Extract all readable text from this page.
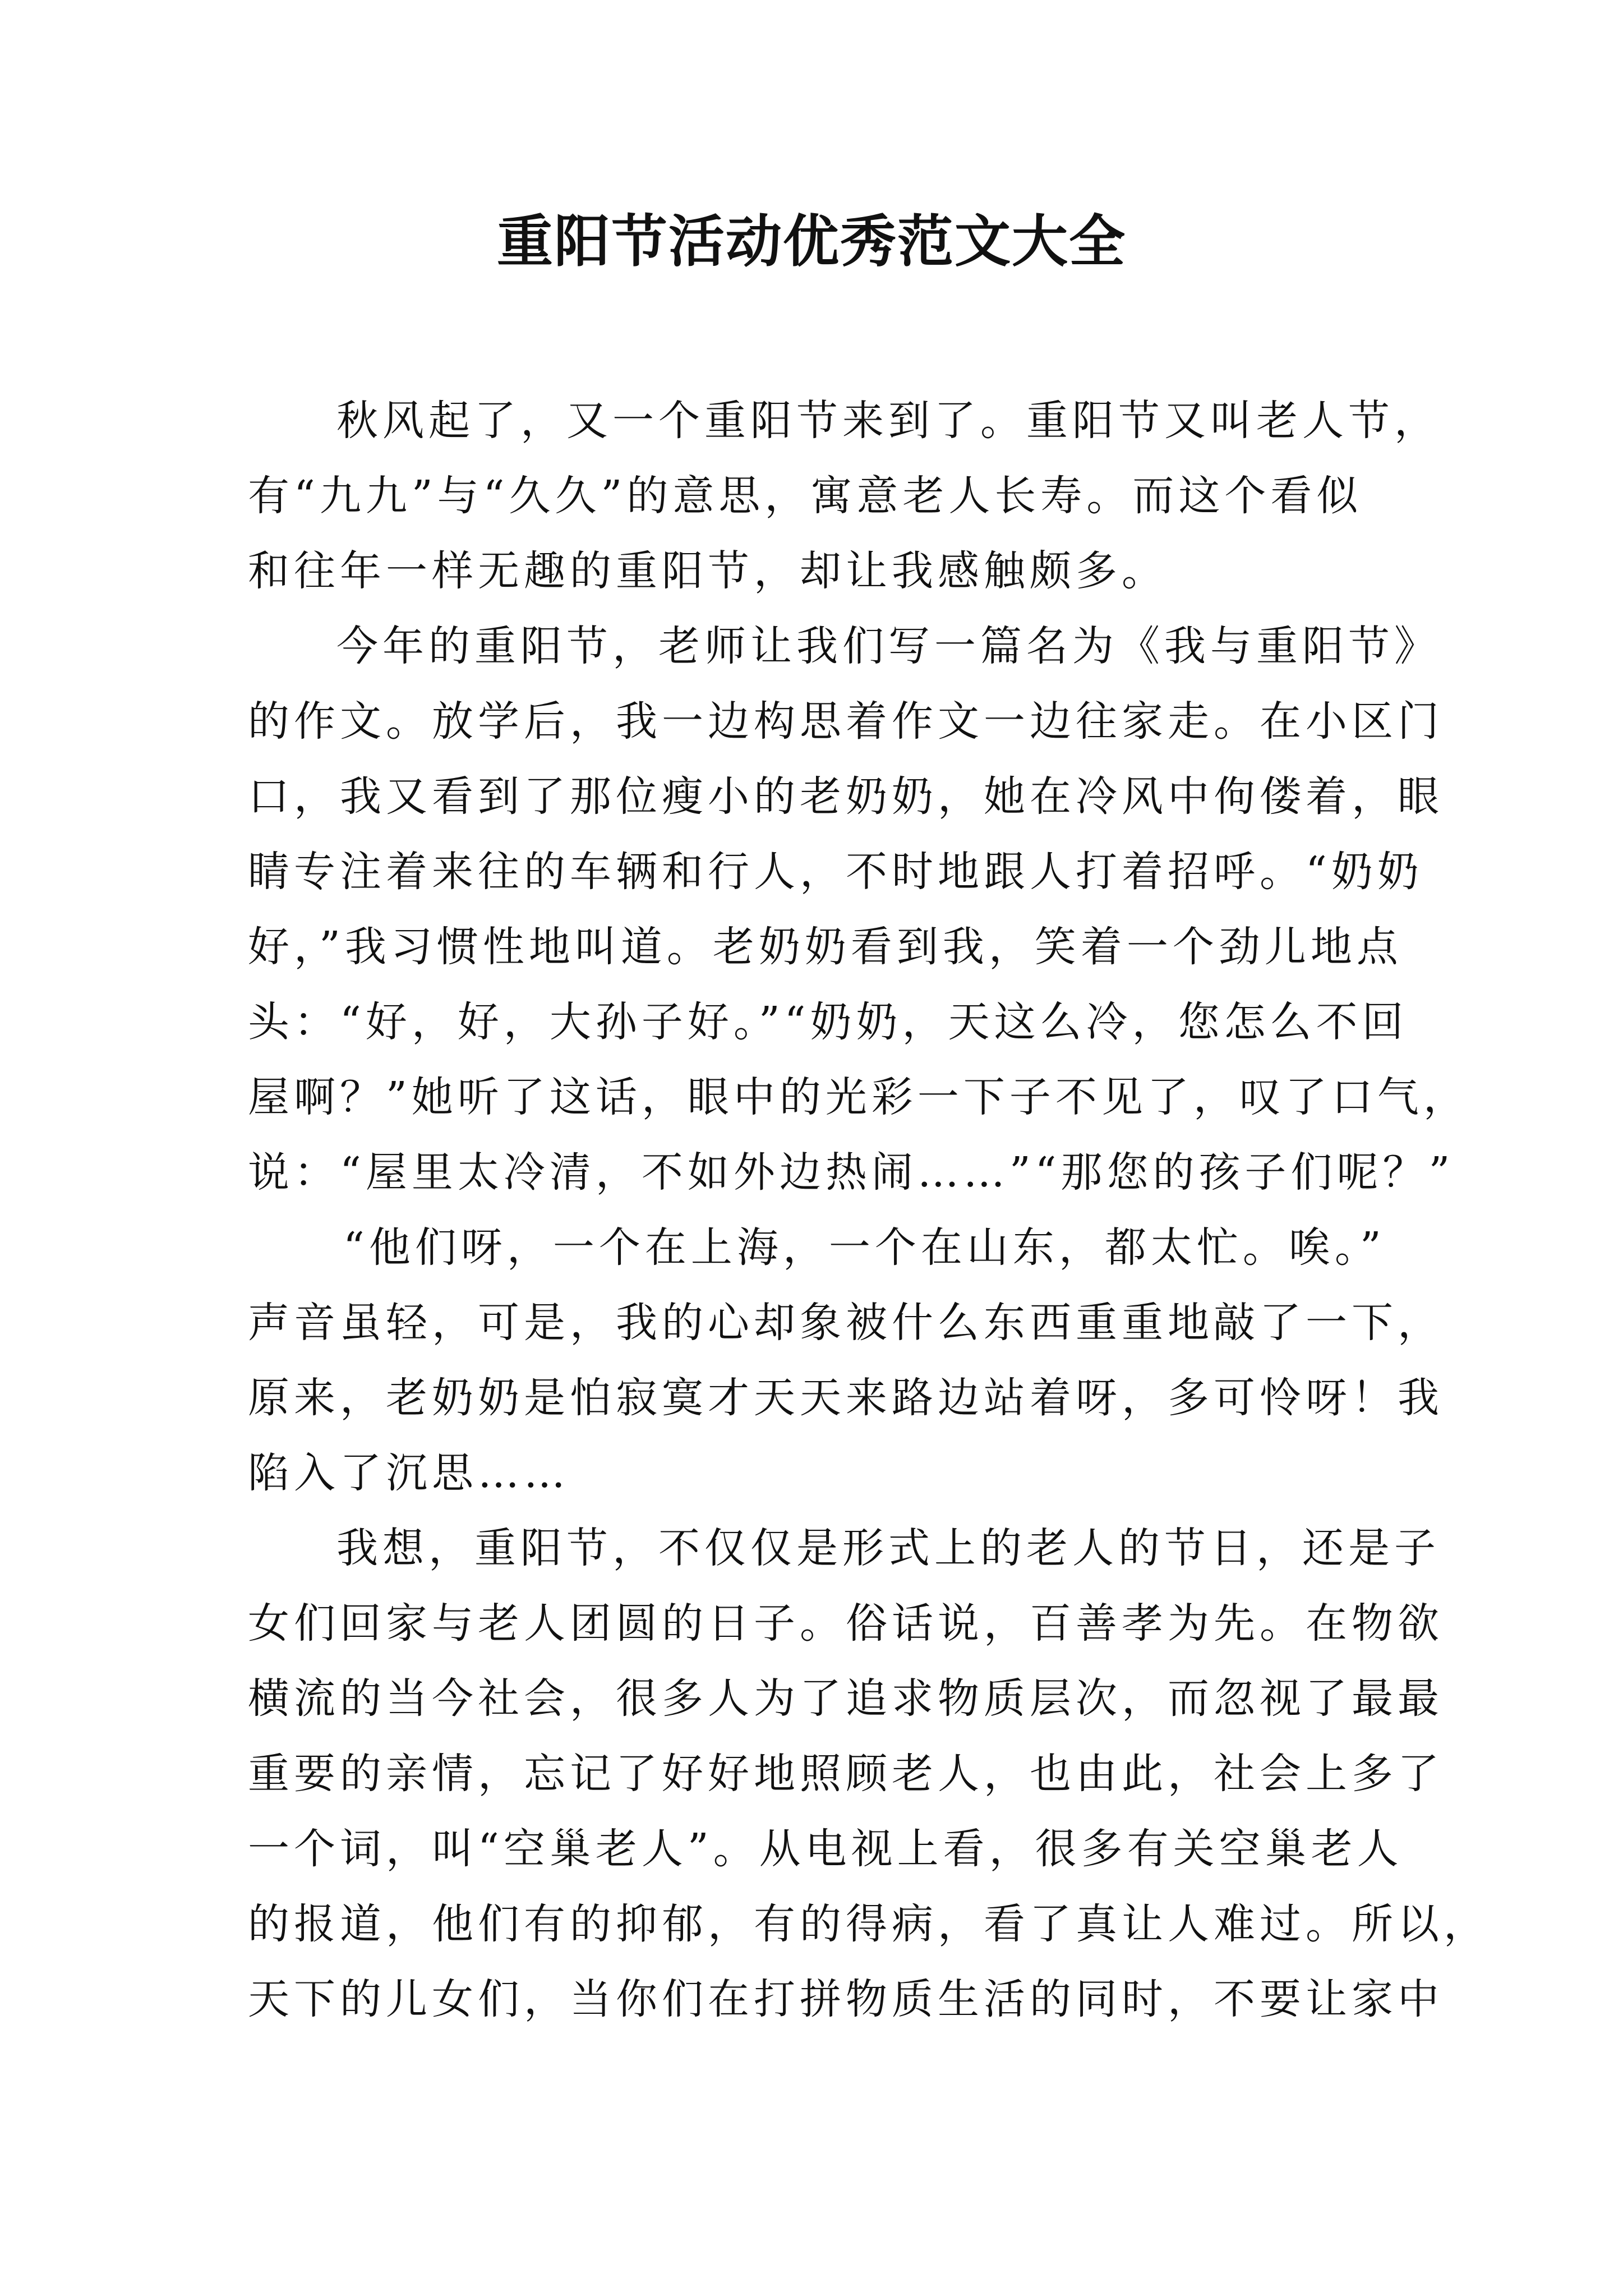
重阳节活动优秀范文大全

秋风起了，又一个重阳节来到了。重阳节又叫老人节，

有“九九”与“久久”的意思，寓意老人长寿。而这个看似

和往年一样无趣的重阳节，却让我感触颇多。

今年的重阳节，老师让我们写一篇名为《我与重阳节》

的作文。放学后，我一边构思着作文一边往家走。在小区门

口，我又看到了那位瘦小的老奶奶，她在冷风中佝偻着，眼

睛专注着来往的车辆和行人，不时地跟人打着招呼。“奶奶

好，”我习惯性地叫道。老奶奶看到我，笑着一个劲儿地点

头：“好，好，大孙子好。”“奶奶，天这么冷，您怎么不回

屋啊？”她听了这话，眼中的光彩一下子不见了，叹了口气，

说：“屋里太冷清，不如外边热闹……”“那您的孩子们呢？”

“他们呀，一个在上海，一个在山东，都太忙。唉。”

声音虽轻，可是，我的心却象被什么东西重重地敲了一下，

原来，老奶奶是怕寂寞才天天来路边站着呀，多可怜呀！我

陷入了沉思……

我想，重阳节，不仅仅是形式上的老人的节日，还是子

女们回家与老人团圆的日子。俗话说，百善孝为先。在物欲

横流的当今社会，很多人为了追求物质层次，而忽视了最最

重要的亲情，忘记了好好地照顾老人，也由此，社会上多了

一个词，叫“空巢老人”。从电视上看，很多有关空巢老人

的报道，他们有的抑郁，有的得病，看了真让人难过。所以，

天下的儿女们，当你们在打拼物质生活的同时，不要让家中
